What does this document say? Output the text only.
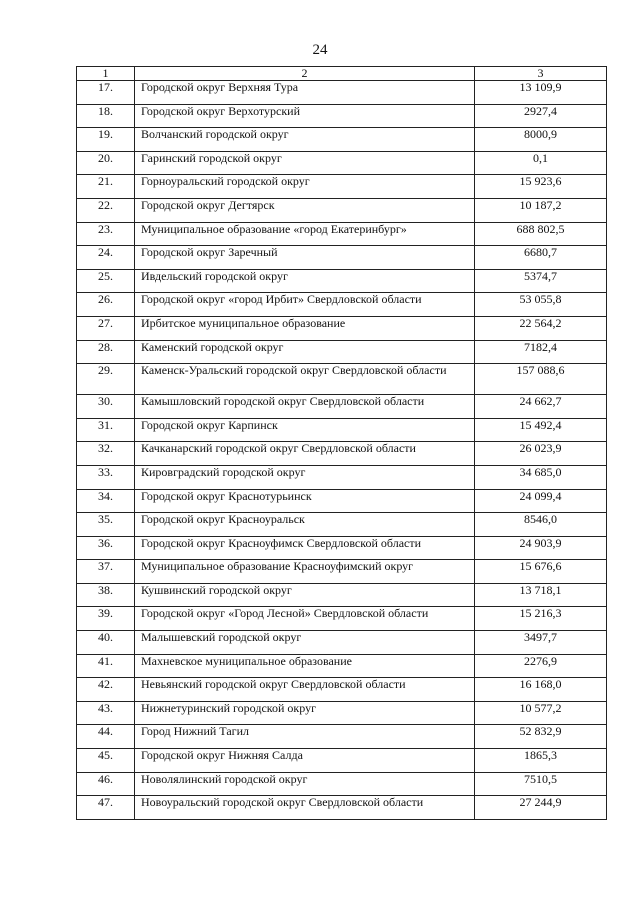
24
1	2	3
17.	Городской округ Верхняя Тура	13 109,9
18.	Городской округ Верхотурский	2927,4
19.	Волчанский городской округ	8000,9
20.	Гаринский городской округ	0,1
21.	Горноуральский городской округ	15 923,6
22.	Городской округ Дегтярск	10 187,2
23.	Муниципальное образование «город Екатеринбург»	688 802,5
24.	Городской округ Заречный	6680,7
25.	Ивдельский городской округ	5374,7
26.	Городской округ «город Ирбит» Свердловской области	53 055,8
27.	Ирбитское муниципальное образование	22 564,2
28.	Каменский городской округ	7182,4
29.	Каменск-Уральский городской округ Свердловской области	157 088,6
30.	Камышловский городской округ Свердловской области	24 662,7
31.	Городской округ Карпинск	15 492,4
32.	Качканарский городской округ Свердловской области	26 023,9
33.	Кировградский городской округ	34 685,0
34.	Городской округ Краснотурьинск	24 099,4
35.	Городской округ Красноуральск	8546,0
36.	Городской округ Красноуфимск Свердловской области	24 903,9
37.	Муниципальное образование Красноуфимский округ	15 676,6
38.	Кушвинский городской округ	13 718,1
39.	Городской округ «Город Лесной» Свердловской области	15 216,3
40.	Малышевский городской округ	3497,7
41.	Махневское муниципальное образование	2276,9
42.	Невьянский городской округ Свердловской области	16 168,0
43.	Нижнетуринский городской округ	10 577,2
44.	Город Нижний Тагил	52 832,9
45.	Городской округ Нижняя Салда	1865,3
46.	Новолялинский городской округ	7510,5
47.	Новоуральский городской округ Свердловской области	27 244,9
